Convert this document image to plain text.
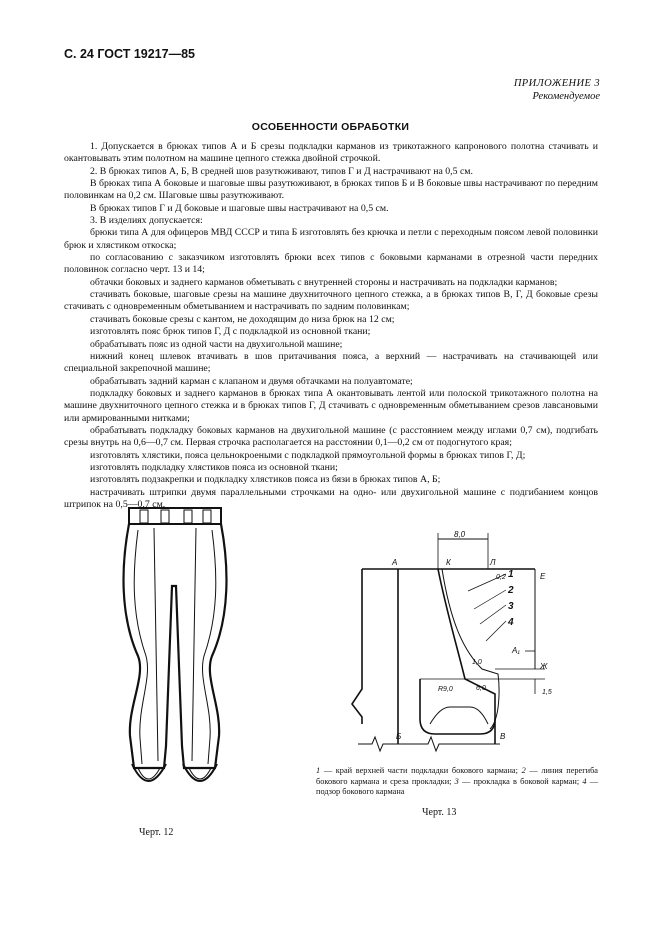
С. 24 ГОСТ 19217—85
ПРИЛОЖЕНИЕ 3
Рекомендуемое
ОСОБЕННОСТИ ОБРАБОТКИ

1. Допускается в брюках типов А и Б срезы подкладки карманов из трикотажного капронового полотна стачивать и окантовывать этим полотном на машине цепного стежка двойной строчкой.

2. В брюках типов А, Б, В средней шов разутюживают, типов Г и Д настрачивают на 0,5 см.

В брюках типа А боковые и шаговые швы разутюживают, в брюках типов Б и В боковые швы настрачивают по передним половинкам на 0,2 см. Шаговые швы разутюживают.

В брюках типов Г и Д боковые и шаговые швы настрачивают на 0,5 см.

3. В изделиях допускается:

брюки типа А для офицеров МВД СССР и типа Б изготовлять без крючка и петли с переходным поясом левой половинки брюк и хлястиком откоска;

по согласованию с заказчиком изготовлять брюки всех типов с боковыми карманами в отрезной части передних половинок согласно черт. 13 и 14;

обтачки боковых и заднего карманов обметывать с внутренней стороны и настрачивать на подкладки карманов;

стачивать боковые, шаговые срезы на машине двухниточного цепного стежка, а в брюках типов В, Г, Д боковые срезы стачивать с одновременным обметыванием и настрачивать по задним половинкам;

стачивать боковые срезы с кантом, не доходящим до низа брюк на 12 см;

изготовлять пояс брюк типов Г, Д с подкладкой из основной ткани;

обрабатывать пояс из одной части на двухигольной машине;

нижний конец шлевок втачивать в шов притачивания пояса, а верхний — настрачивать на стачивающей или специальной закрепочной машине;

обрабатывать задний карман с клапаном и двумя обтачками на полуавтомате;

подкладку боковых и заднего карманов в брюках типа А окантовывать лентой или полоской трикотажного полотна на машине двухниточного цепного стежка и в брюках типов Г, Д стачивать с одновременным обметыванием срезов лавсановыми или армированными нитками;

обрабатывать подкладку боковых карманов на двухигольной машине (с расстоянием между иглами 0,7 см), подгибать срезы внутрь на 0,6—0,7 см. Первая строчка располагается на расстоянии 0,1—0,2 см от подогнутого края;

изготовлять хлястики, пояса цельнокроеными с подкладкой прямоугольной формы в брюках типов Г, Д;

изготовлять подкладку хлястиков пояса из основной ткани;

изготовлять подзакрепки и подкладку хлястиков пояса из бязи в брюках типов А, Б;

настрачивать штрипки двумя параллельными строчками на одно- или двухигольной машине с подгибанием концов штрипок на 0,5—0,7 см.

8,0
А	К	Л
Е
Ж
А₁
Б	В
1
2
3
4
0,2
1,0
6,0
1,5
R9,0
1 — край верхней части подкладки бокового кармана; 2 — линия перегиба бокового кармана и среза прокладки; 3 — прокладка в боковой карман; 4 — подзор бокового кармана
Черт. 12
Черт. 13
